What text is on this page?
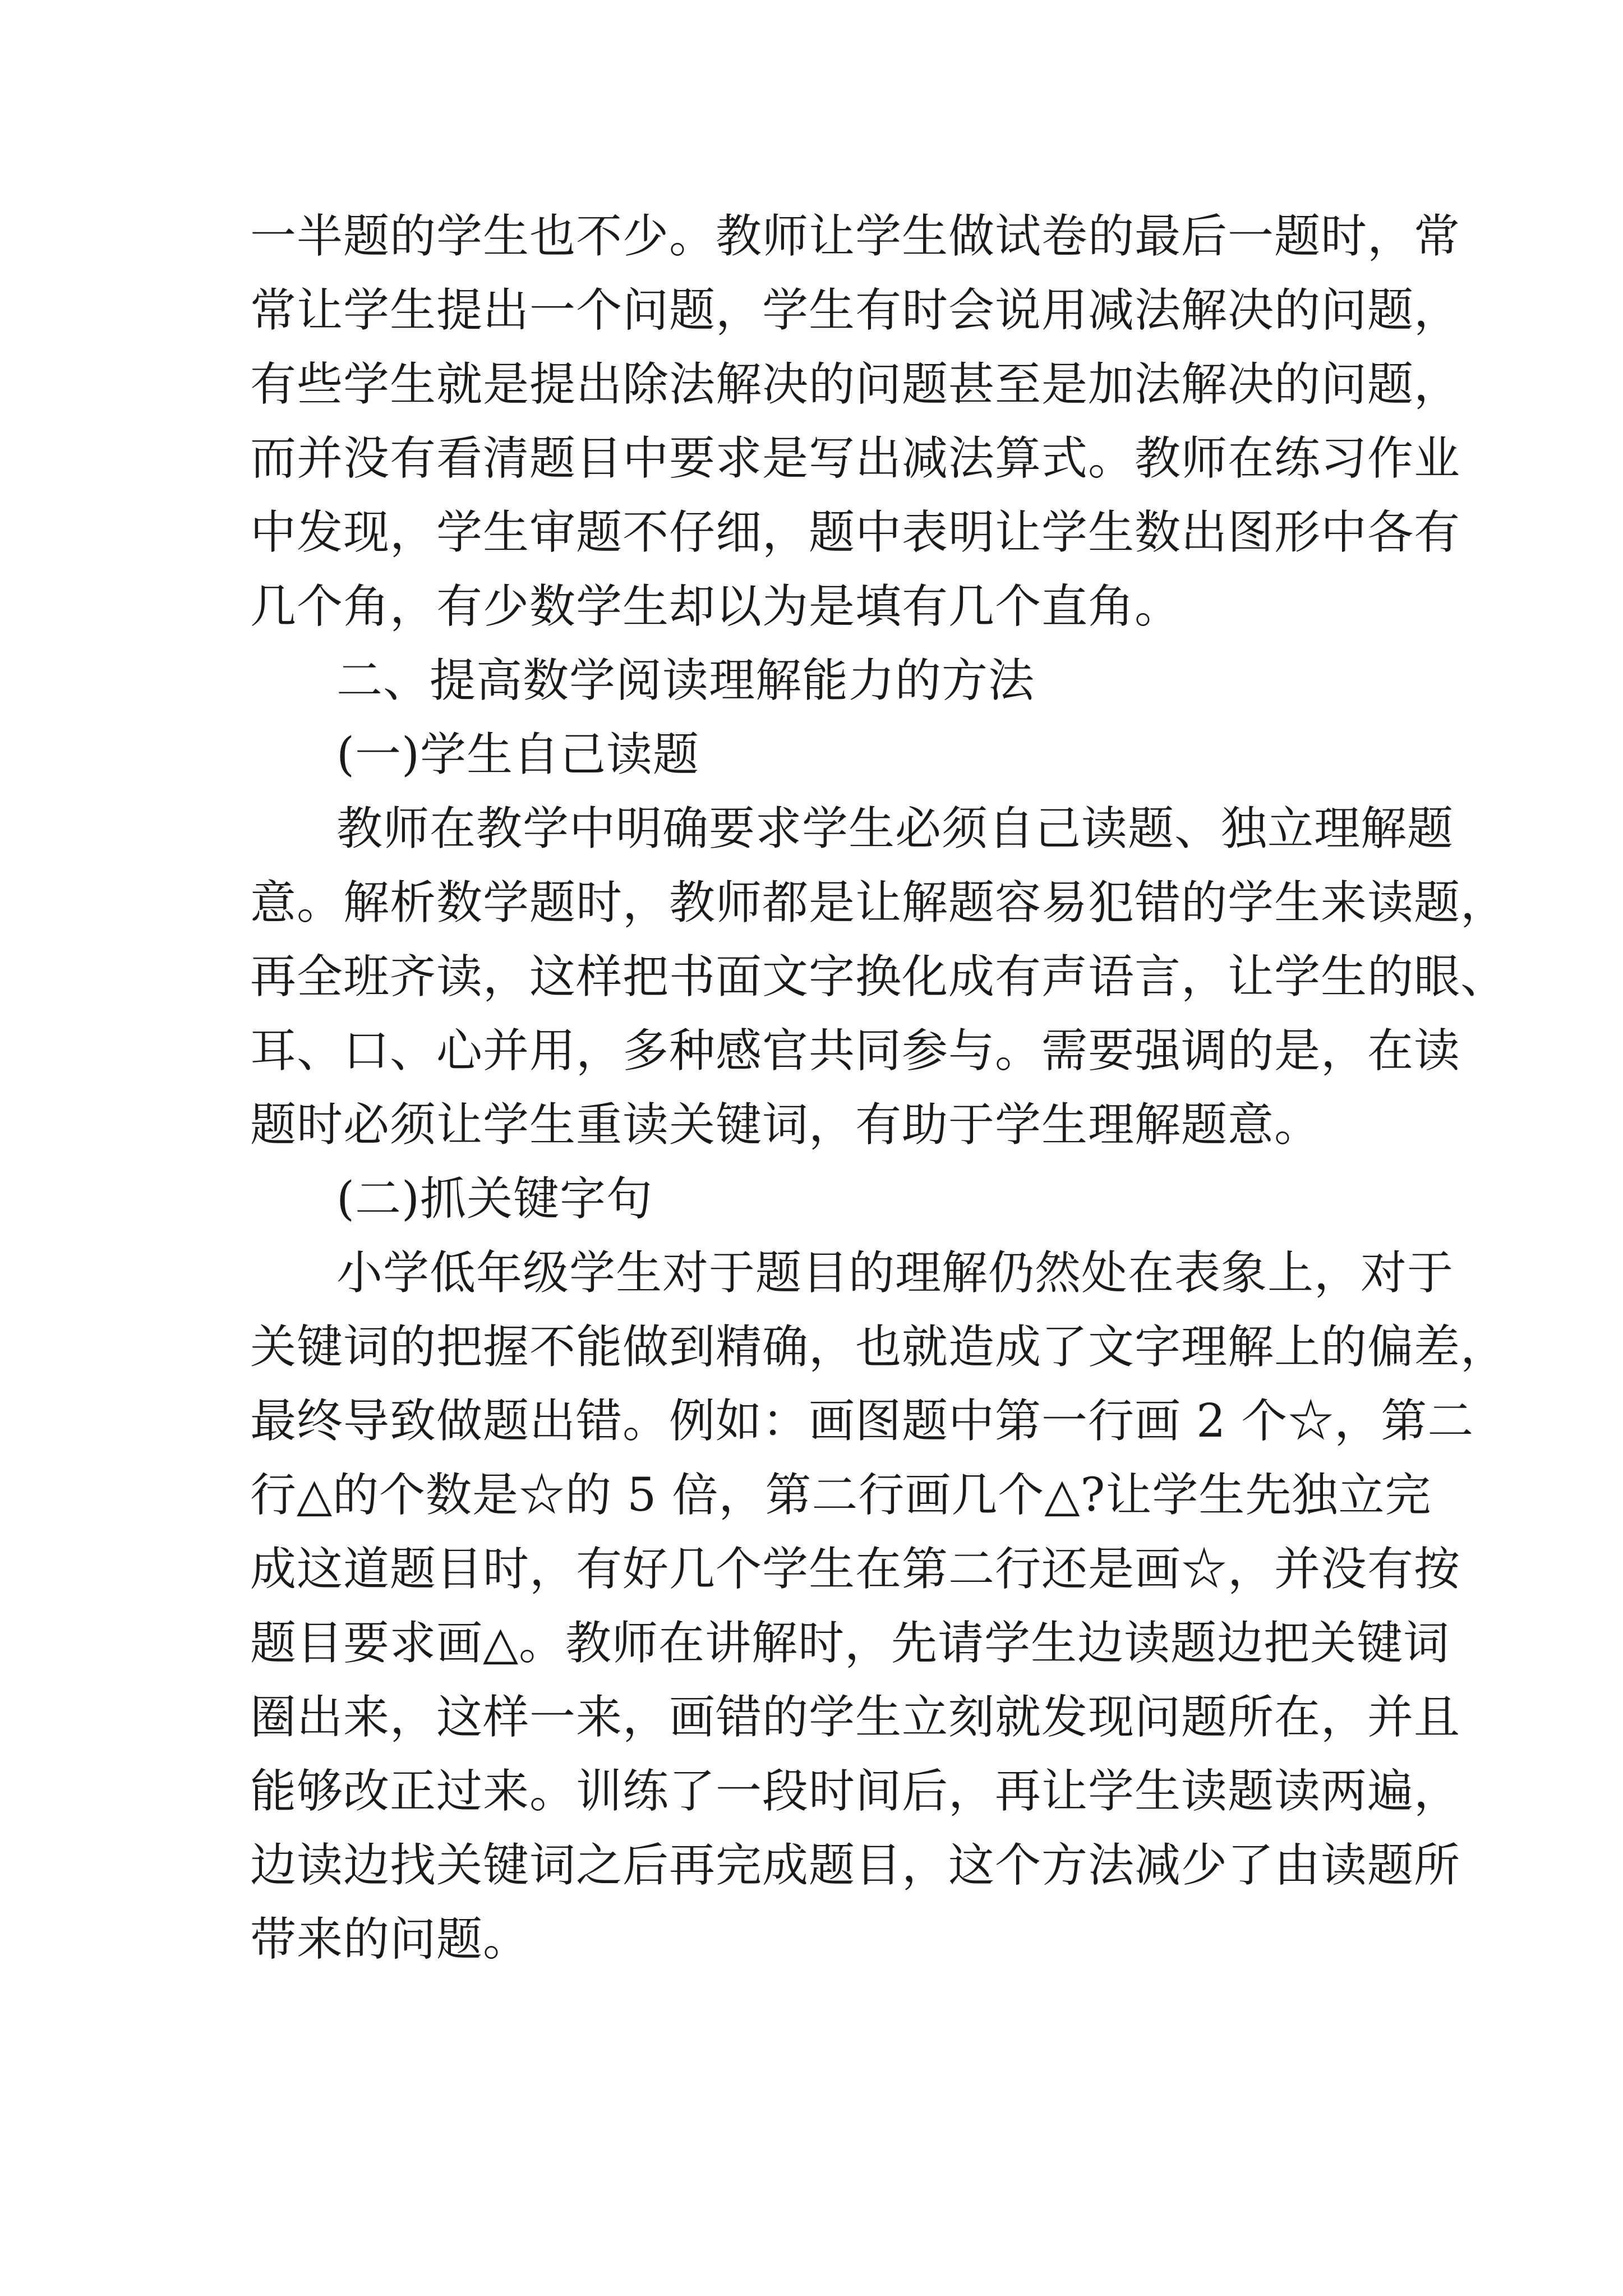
一半题的学生也不少。教师让学生做试卷的最后一题时，常

常让学生提出一个问题，学生有时会说用减法解决的问题，

有些学生就是提出除法解决的问题甚至是加法解决的问题，

而并没有看清题目中要求是写出减法算式。教师在练习作业

中发现，学生审题不仔细，题中表明让学生数出图形中各有

几个角，有少数学生却以为是填有几个直角。

二、提高数学阅读理解能力的方法

(一)学生自己读题

教师在教学中明确要求学生必须自己读题、独立理解题

意。解析数学题时，教师都是让解题容易犯错的学生来读题，

再全班齐读，这样把书面文字换化成有声语言，让学生的眼、

耳、口、心并用，多种感官共同参与。需要强调的是，在读

题时必须让学生重读关键词，有助于学生理解题意。

(二)抓关键字句

小学低年级学生对于题目的理解仍然处在表象上，对于

关键词的把握不能做到精确，也就造成了文字理解上的偏差，

最终导致做题出错。例如：画图题中第一行画 2 个☆，第二

行△的个数是☆的 5 倍，第二行画几个△?让学生先独立完

成这道题目时，有好几个学生在第二行还是画☆，并没有按

题目要求画△。教师在讲解时，先请学生边读题边把关键词

圈出来，这样一来，画错的学生立刻就发现问题所在，并且

能够改正过来。训练了一段时间后，再让学生读题读两遍，

边读边找关键词之后再完成题目，这个方法减少了由读题所

带来的问题。
